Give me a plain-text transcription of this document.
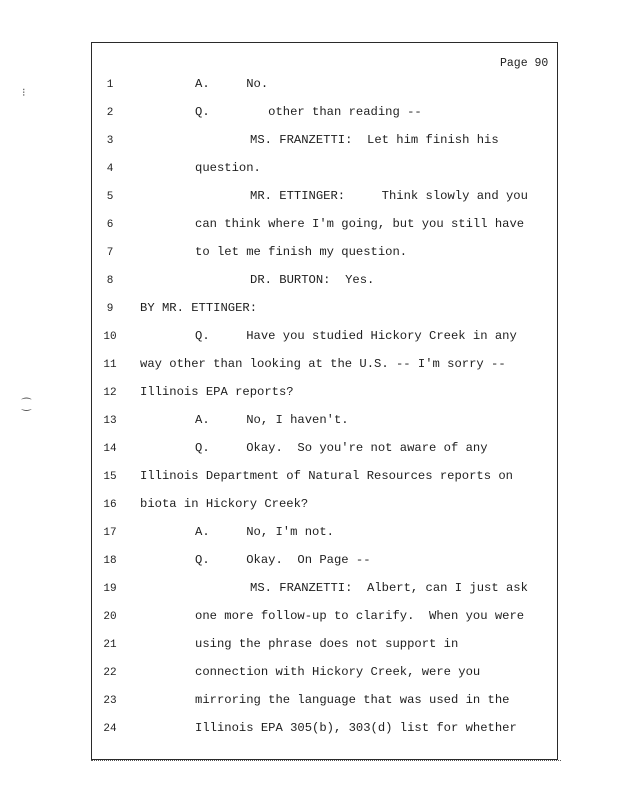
Page 90
⁝
⁐
1	A.     No.
2	Q.        other than reading --
3	MS. FRANZETTI:  Let him finish his
4	question.
5	MR. ETTINGER:     Think slowly and you
6	can think where I'm going, but you still have
7	to let me finish my question.
8	DR. BURTON:  Yes.
9	BY MR. ETTINGER:
10	Q.     Have you studied Hickory Creek in any
11 way other than looking at the U.S. -- I'm sorry --
12 Illinois EPA reports?
13	A.     No, I haven't.
14	Q.     Okay.  So you're not aware of any
15 Illinois Department of Natural Resources reports on
16 biota in Hickory Creek?
17	A.     No, I'm not.
18	Q.     Okay.  On Page --
19	MS. FRANZETTI:  Albert, can I just ask
20	one more follow-up to clarify.  When you were
21	using the phrase does not support in
22	connection with Hickory Creek, were you
23	mirroring the language that was used in the
24	Illinois EPA 305(b), 303(d) list for whether
